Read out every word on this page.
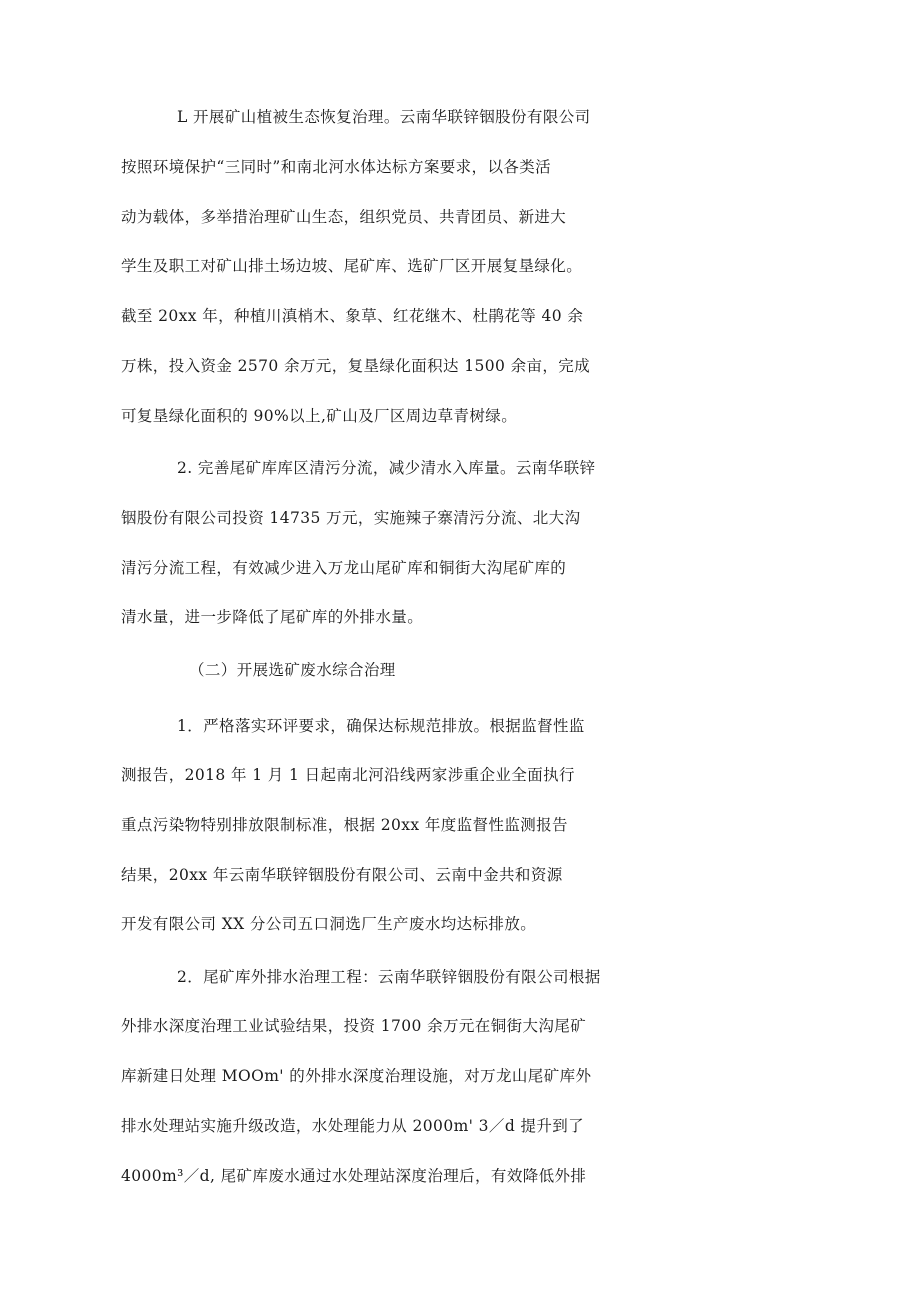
L 开展矿山植被生态恢复治理。云南华联锌铟股份有限公司
按照环境保护“三同时”和南北河水体达标方案要求，以各类活
动为载体，多举措治理矿山生态，组织党员、共青团员、新进大
学生及职工对矿山排土场边坡、尾矿库、选矿厂区开展复垦绿化。
截至 20xx 年，种植川滇梢木、象草、红花继木、杜鹃花等 40 余
万株，投入资金 2570 余万元，复垦绿化面积达 1500 余亩，完成
可复垦绿化面积的 90%以上,矿山及厂区周边草青树绿。
2. 完善尾矿库库区清污分流，减少清水入库量。云南华联锌
铟股份有限公司投资 14735 万元，实施辣子寨清污分流、北大沟
清污分流工程，有效减少进入万龙山尾矿库和铜街大沟尾矿库的
清水量，进一步降低了尾矿库的外排水量。
（二）开展选矿废水综合治理
1．严格落实环评要求，确保达标规范排放。根据监督性监
测报告，2018 年 1 月 1 日起南北河沿线两家涉重企业全面执行
重点污染物特别排放限制标准，根据 20xx 年度监督性监测报告
结果，20xx 年云南华联锌铟股份有限公司、云南中金共和资源
开发有限公司 XX 分公司五口洞选厂生产废水均达标排放。
2．尾矿库外排水治理工程：云南华联锌铟股份有限公司根据
外排水深度治理工业试验结果，投资 1700 余万元在铜街大沟尾矿
库新建日处理 MOOm' 的外排水深度治理设施，对万龙山尾矿库外
排水处理站实施升级改造，水处理能力从 2000m' 3／d 提升到了
4000m³／d, 尾矿库废水通过水处理站深度治理后，有效降低外排
